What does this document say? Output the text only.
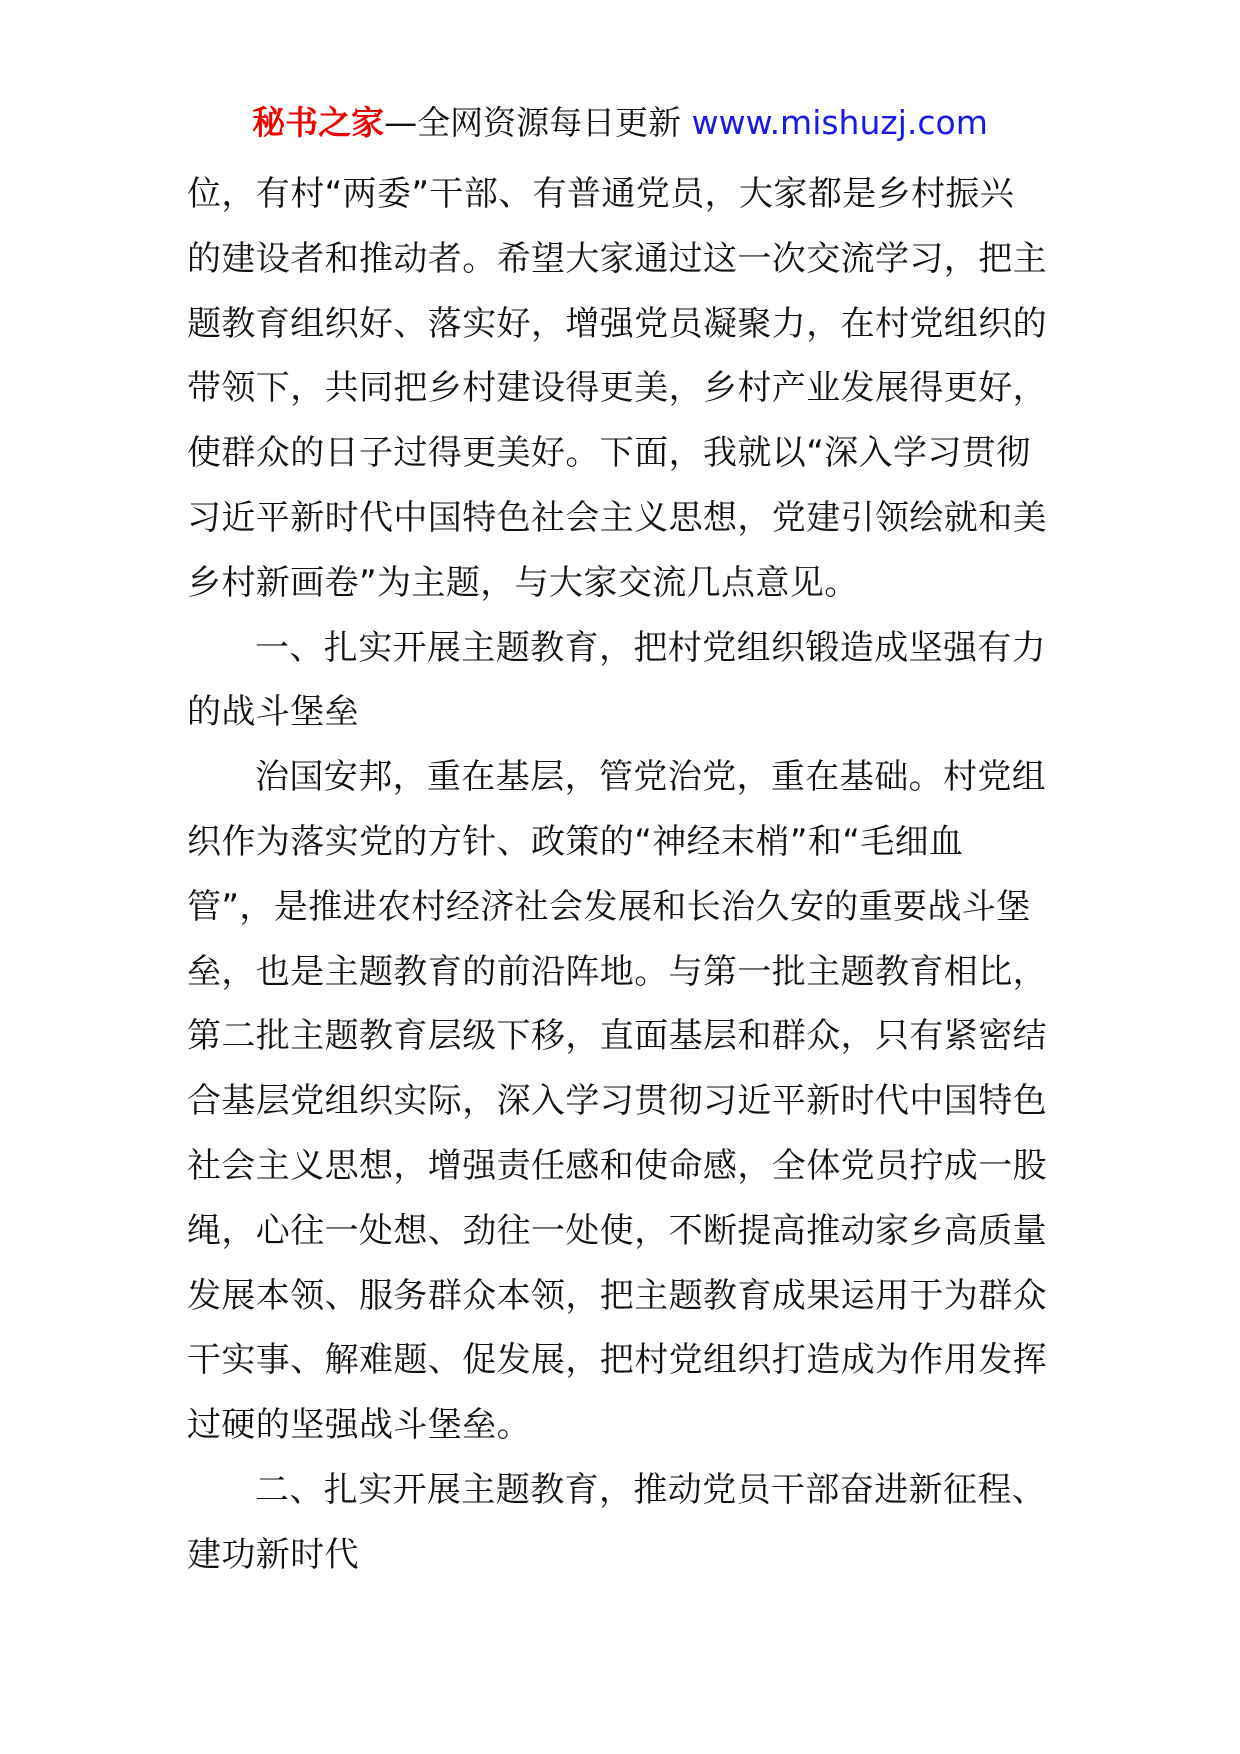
秘书之家—全网资源每日更新 www.mishuzj.com
位，有村“两委”干部、有普通党员，大家都是乡村振兴
的建设者和推动者。希望大家通过这一次交流学习，把主
题教育组织好、落实好，增强党员凝聚力，在村党组织的
带领下，共同把乡村建设得更美，乡村产业发展得更好，
使群众的日子过得更美好。下面，我就以“深入学习贯彻
习近平新时代中国特色社会主义思想，党建引领绘就和美
乡村新画卷”为主题，与大家交流几点意见。
一、扎实开展主题教育，把村党组织锻造成坚强有力
的战斗堡垒
治国安邦，重在基层，管党治党，重在基础。村党组
织作为落实党的方针、政策的“神经末梢”和“毛细血
管”，是推进农村经济社会发展和长治久安的重要战斗堡
垒，也是主题教育的前沿阵地。与第一批主题教育相比，
第二批主题教育层级下移，直面基层和群众，只有紧密结
合基层党组织实际，深入学习贯彻习近平新时代中国特色
社会主义思想，增强责任感和使命感，全体党员拧成一股
绳，心往一处想、劲往一处使，不断提高推动家乡高质量
发展本领、服务群众本领，把主题教育成果运用于为群众
干实事、解难题、促发展，把村党组织打造成为作用发挥
过硬的坚强战斗堡垒。
二、扎实开展主题教育，推动党员干部奋进新征程、
建功新时代
